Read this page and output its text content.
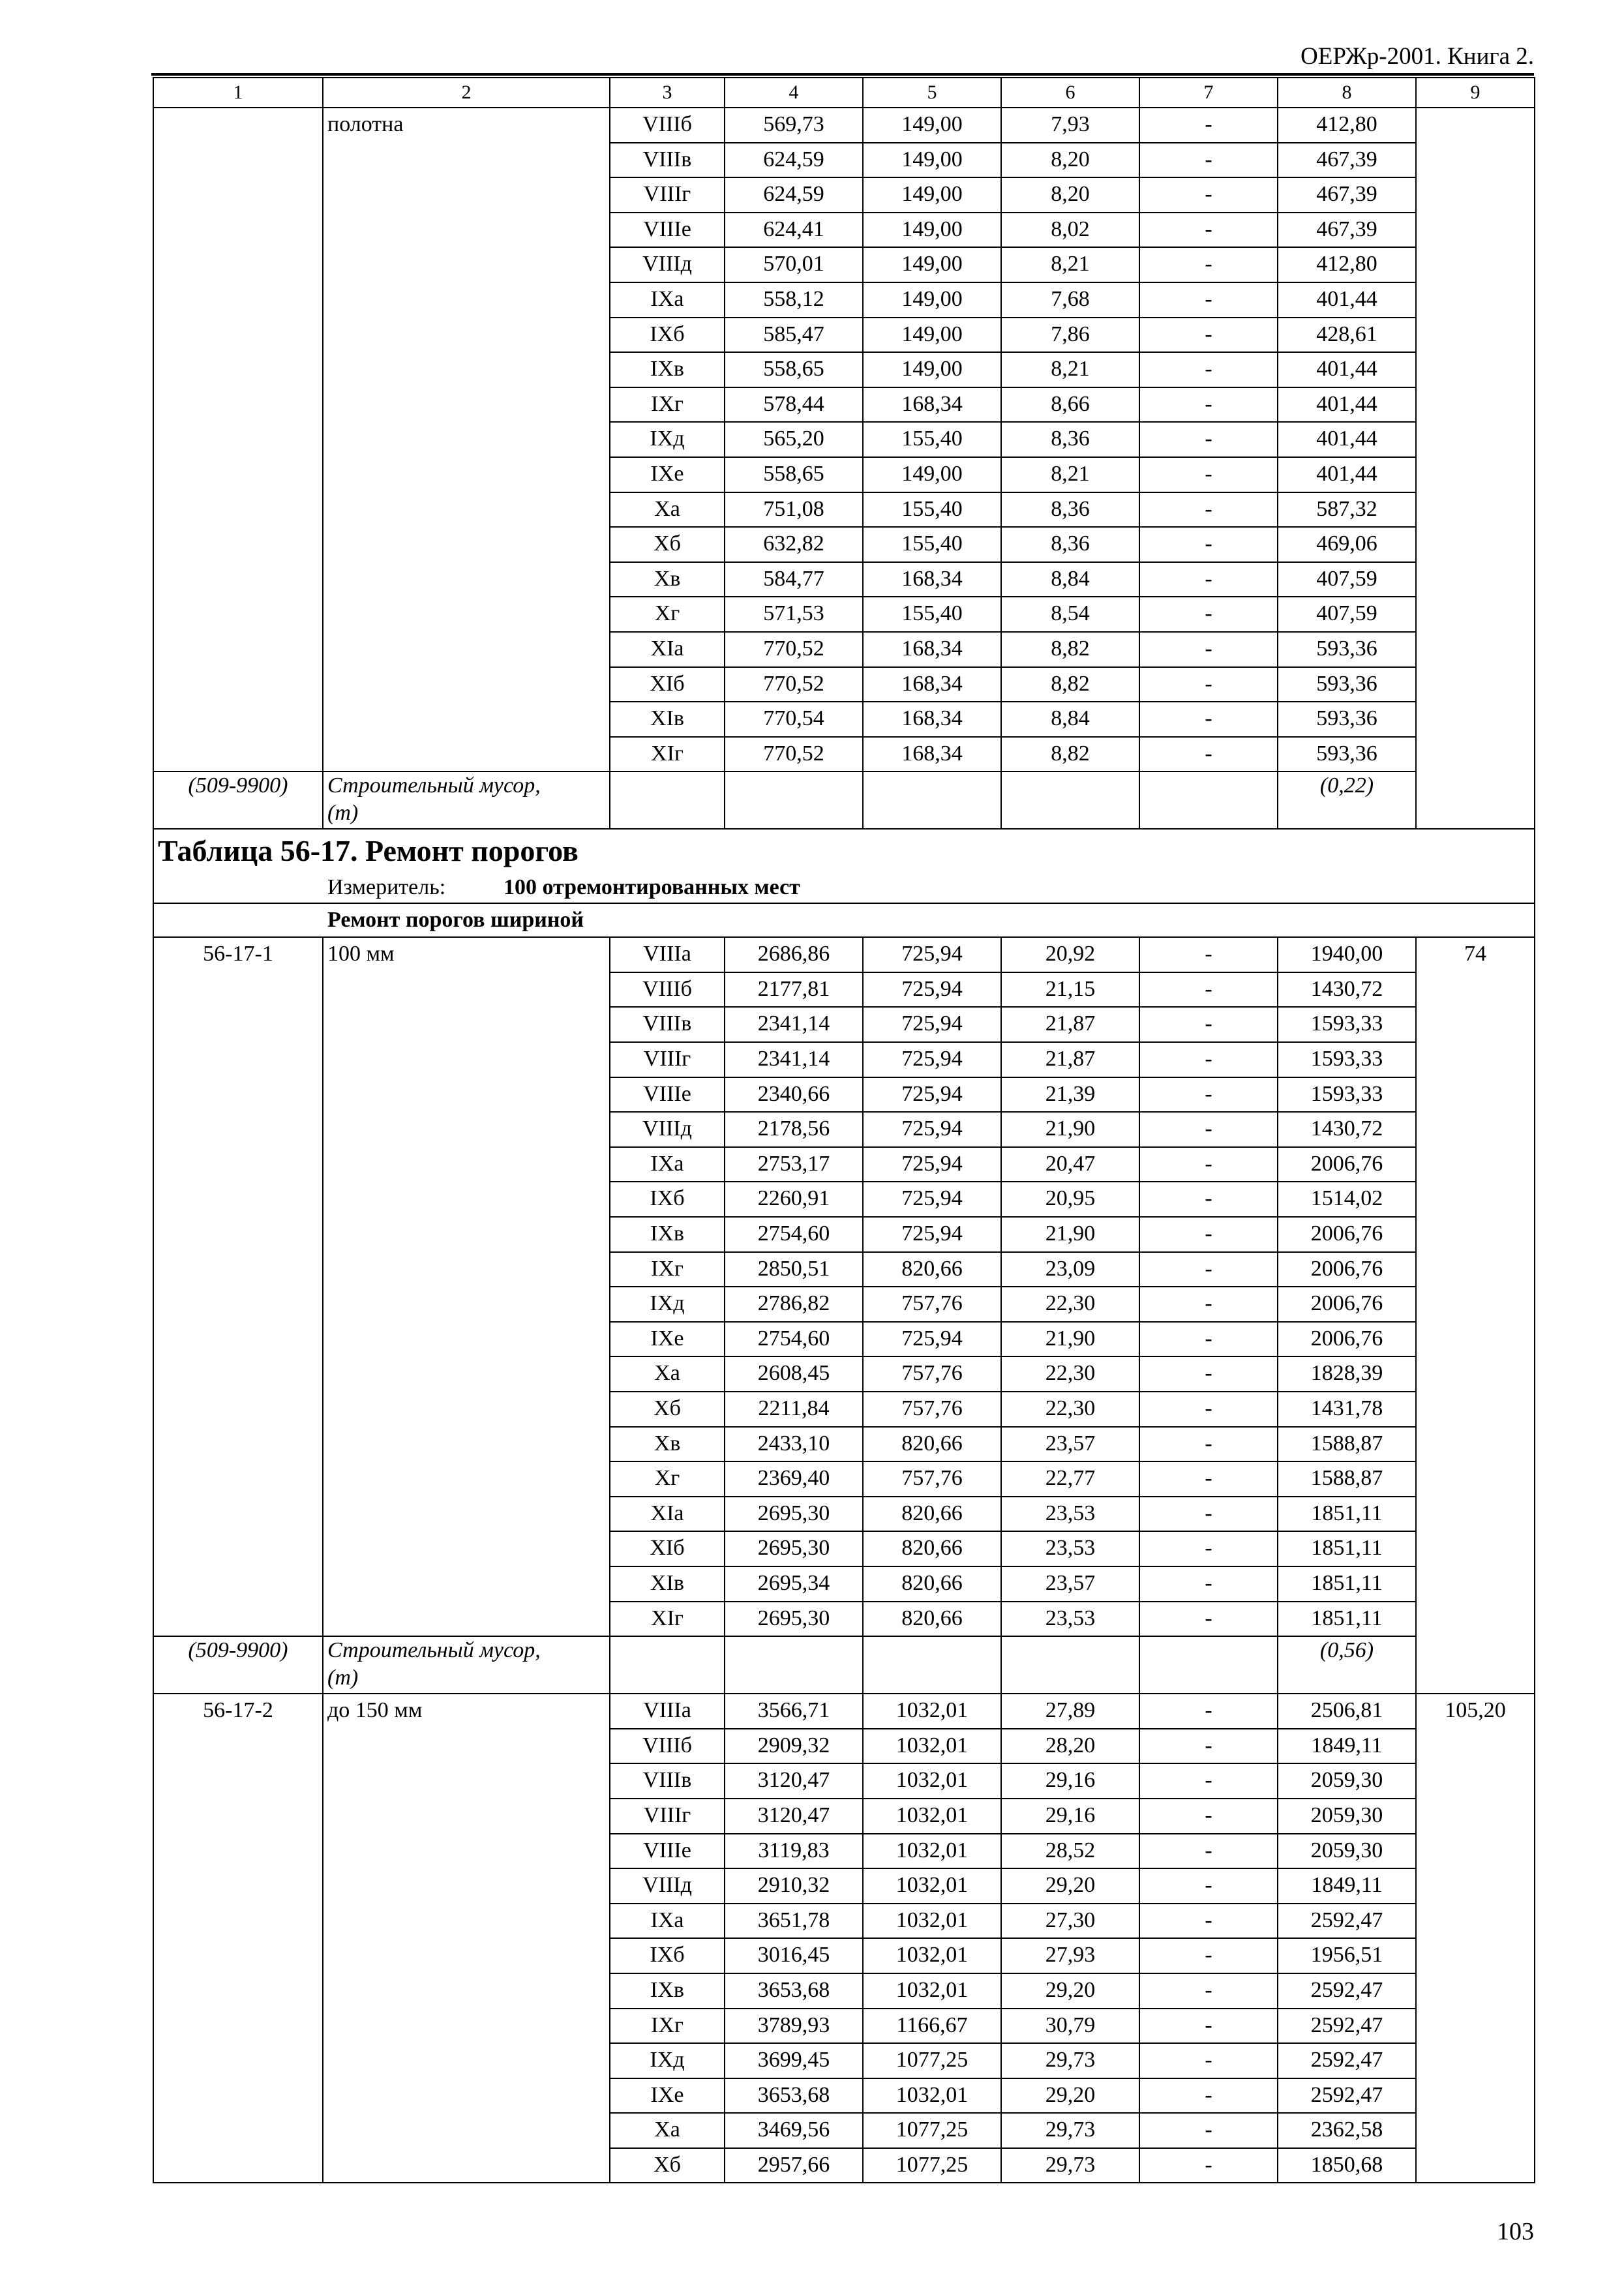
ОЕРЖр-2001. Книга 2.
1	2	3	4	5	6	7	8	9
	полотна	VIIIб	569,73	149,00	7,93	-	412,80	
		VIIIв	624,59	149,00	8,20	-	467,39	
		VIIIг	624,59	149,00	8,20	-	467,39	
		VIIIe	624,41	149,00	8,02	-	467,39	
		VIIIд	570,01	149,00	8,21	-	412,80	
		IXa	558,12	149,00	7,68	-	401,44	
		IXб	585,47	149,00	7,86	-	428,61	
		IXв	558,65	149,00	8,21	-	401,44	
		IXг	578,44	168,34	8,66	-	401,44	
		IXд	565,20	155,40	8,36	-	401,44	
		IXe	558,65	149,00	8,21	-	401,44	
		Xa	751,08	155,40	8,36	-	587,32	
		Xб	632,82	155,40	8,36	-	469,06	
		Xв	584,77	168,34	8,84	-	407,59	
		Xг	571,53	155,40	8,54	-	407,59	
		XIa	770,52	168,34	8,82	-	593,36	
		XIб	770,52	168,34	8,82	-	593,36	
		XIв	770,54	168,34	8,84	-	593,36	
		XIг	770,52	168,34	8,82	-	593,36	
(509-9900)	Строительный мусор,
(т)						(0,22)	
Таблица 56-17. Ремонт порогов								
Измеритель: 100 отремонтированных мест								
Ремонт порогов шириной								
56-17-1	100 мм	VIIIa	2686,86	725,94	20,92	-	1940,00	74
		VIIIб	2177,81	725,94	21,15	-	1430,72	
		VIIIв	2341,14	725,94	21,87	-	1593,33	
		VIIIг	2341,14	725,94	21,87	-	1593,33	
		VIIIe	2340,66	725,94	21,39	-	1593,33	
		VIIIд	2178,56	725,94	21,90	-	1430,72	
		IXa	2753,17	725,94	20,47	-	2006,76	
		IXб	2260,91	725,94	20,95	-	1514,02	
		IXв	2754,60	725,94	21,90	-	2006,76	
		IXг	2850,51	820,66	23,09	-	2006,76	
		IXд	2786,82	757,76	22,30	-	2006,76	
		IXe	2754,60	725,94	21,90	-	2006,76	
		Xa	2608,45	757,76	22,30	-	1828,39	
		Xб	2211,84	757,76	22,30	-	1431,78	
		Xв	2433,10	820,66	23,57	-	1588,87	
		Xг	2369,40	757,76	22,77	-	1588,87	
		XIa	2695,30	820,66	23,53	-	1851,11	
		XIб	2695,30	820,66	23,53	-	1851,11	
		XIв	2695,34	820,66	23,57	-	1851,11	
		XIг	2695,30	820,66	23,53	-	1851,11	
(509-9900)	Строительный мусор,
(т)						(0,56)	
56-17-2	до 150 мм	VIIIa	3566,71	1032,01	27,89	-	2506,81	105,20
		VIIIб	2909,32	1032,01	28,20	-	1849,11	
		VIIIв	3120,47	1032,01	29,16	-	2059,30	
		VIIIг	3120,47	1032,01	29,16	-	2059,30	
		VIIIe	3119,83	1032,01	28,52	-	2059,30	
		VIIIд	2910,32	1032,01	29,20	-	1849,11	
		IXa	3651,78	1032,01	27,30	-	2592,47	
		IXб	3016,45	1032,01	27,93	-	1956,51	
		IXв	3653,68	1032,01	29,20	-	2592,47	
		IXг	3789,93	1166,67	30,79	-	2592,47	
		IXд	3699,45	1077,25	29,73	-	2592,47	
		IXe	3653,68	1032,01	29,20	-	2592,47	
		Xa	3469,56	1077,25	29,73	-	2362,58	
		Xб	2957,66	1077,25	29,73	-	1850,68	
103
